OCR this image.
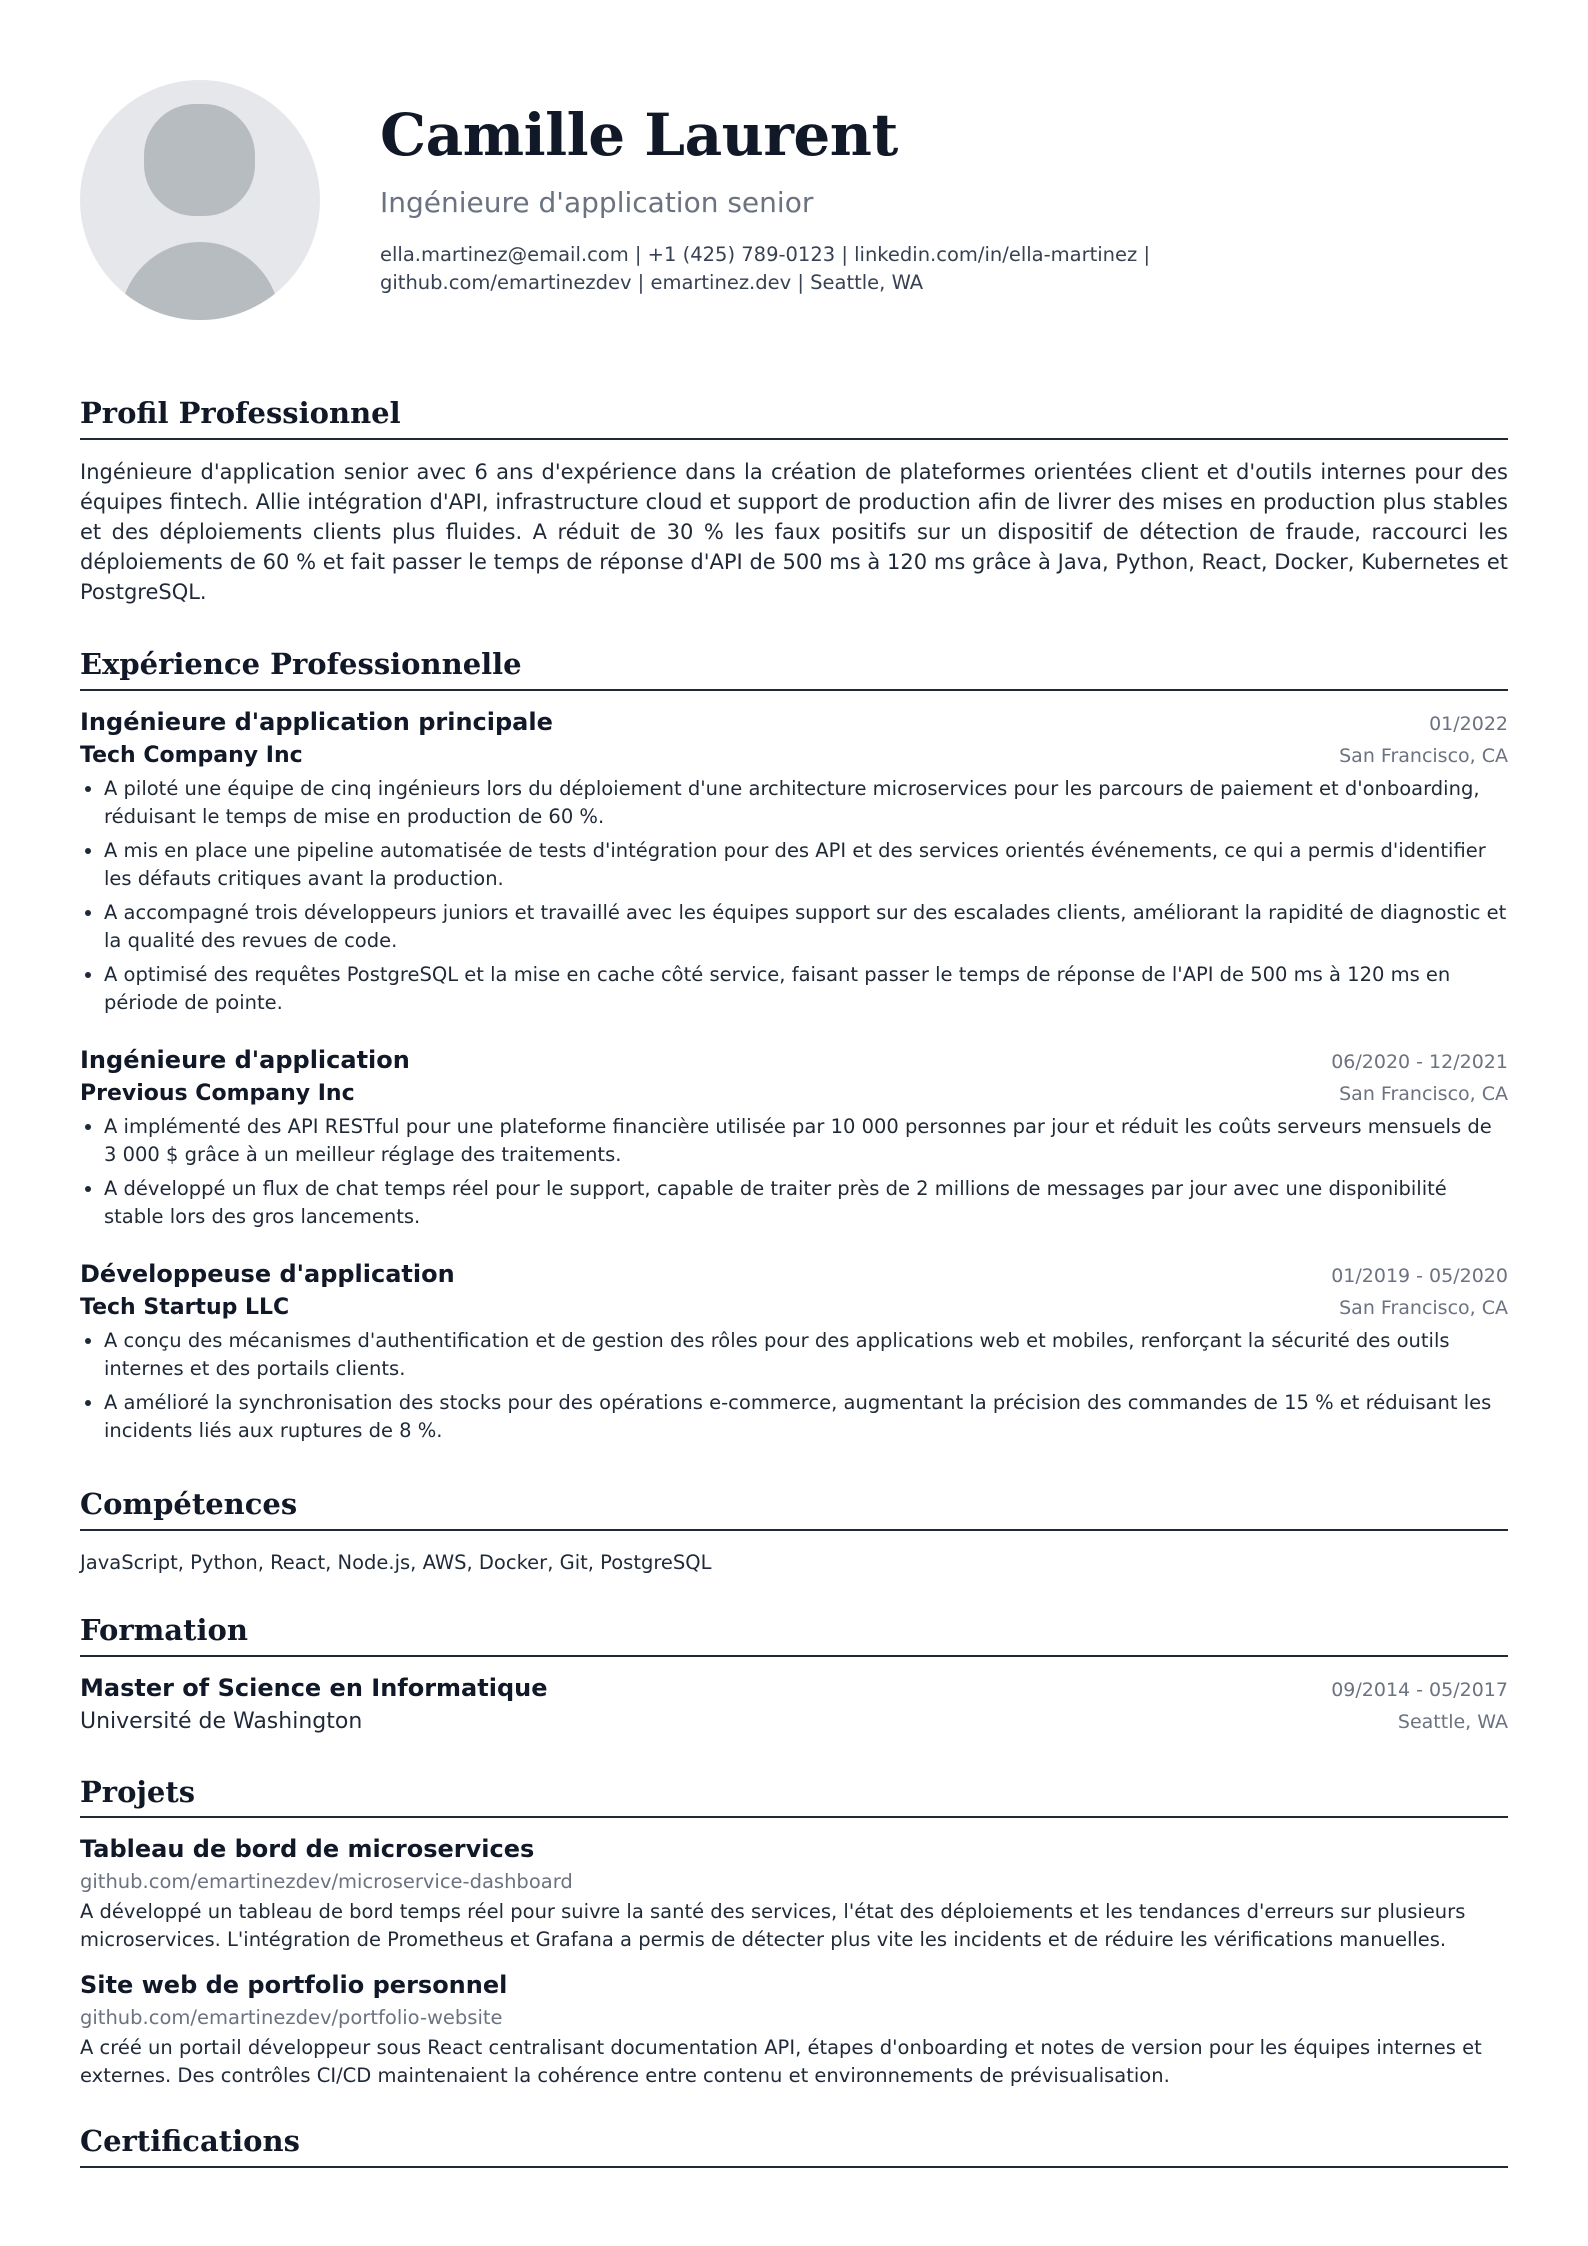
Camille Laurent
Ingénieure d'application senior
ella.martinez@email.com | +1 (425) 789-0123 | linkedin.com/in/ella-martinez | github.com/emartinezdev | emartinez.dev | Seattle, WA
Profil Professionnel
Ingénieure d'application senior avec 6 ans d'expérience dans la création de plateformes orientées client et d'outils internes pour des équipes fintech. Allie intégration d'API, infrastructure cloud et support de production afin de livrer des mises en production plus stables et des déploiements clients plus fluides. A réduit de 30 % les faux positifs sur un dispositif de détection de fraude, raccourci les déploiements de 60 % et fait passer le temps de réponse d'API de 500 ms à 120 ms grâce à Java, Python, React, Docker, Kubernetes et PostgreSQL.
Expérience Professionnelle
Ingénieure d'application principale	01/2022
Tech Company Inc	San Francisco, CA
• A piloté une équipe de cinq ingénieurs lors du déploiement d'une architecture microservices pour les parcours de paiement et d'onboarding, réduisant le temps de mise en production de 60 %.
• A mis en place une pipeline automatisée de tests d'intégration pour des API et des services orientés événements, ce qui a permis d'identifier les défauts critiques avant la production.
• A accompagné trois développeurs juniors et travaillé avec les équipes support sur des escalades clients, améliorant la rapidité de diagnostic et la qualité des revues de code.
• A optimisé des requêtes PostgreSQL et la mise en cache côté service, faisant passer le temps de réponse de l'API de 500 ms à 120 ms en période de pointe.
Ingénieure d'application	06/2020 - 12/2021
Previous Company Inc	San Francisco, CA
• A implémenté des API RESTful pour une plateforme financière utilisée par 10 000 personnes par jour et réduit les coûts serveurs mensuels de 3 000 $ grâce à un meilleur réglage des traitements.
• A développé un flux de chat temps réel pour le support, capable de traiter près de 2 millions de messages par jour avec une disponibilité stable lors des gros lancements.
Développeuse d'application	01/2019 - 05/2020
Tech Startup LLC	San Francisco, CA
• A conçu des mécanismes d'authentification et de gestion des rôles pour des applications web et mobiles, renforçant la sécurité des outils internes et des portails clients.
• A amélioré la synchronisation des stocks pour des opérations e-commerce, augmentant la précision des commandes de 15 % et réduisant les incidents liés aux ruptures de 8 %.
Compétences
JavaScript, Python, React, Node.js, AWS, Docker, Git, PostgreSQL
Formation
Master of Science en Informatique	09/2014 - 05/2017
Université de Washington	Seattle, WA
Projets
Tableau de bord de microservices
github.com/emartinezdev/microservice-dashboard
A développé un tableau de bord temps réel pour suivre la santé des services, l'état des déploiements et les tendances d'erreurs sur plusieurs microservices. L'intégration de Prometheus et Grafana a permis de détecter plus vite les incidents et de réduire les vérifications manuelles.
Site web de portfolio personnel
github.com/emartinezdev/portfolio-website
A créé un portail développeur sous React centralisant documentation API, étapes d'onboarding et notes de version pour les équipes internes et externes. Des contrôles CI/CD maintenaient la cohérence entre contenu et environnements de prévisualisation.
Certifications
